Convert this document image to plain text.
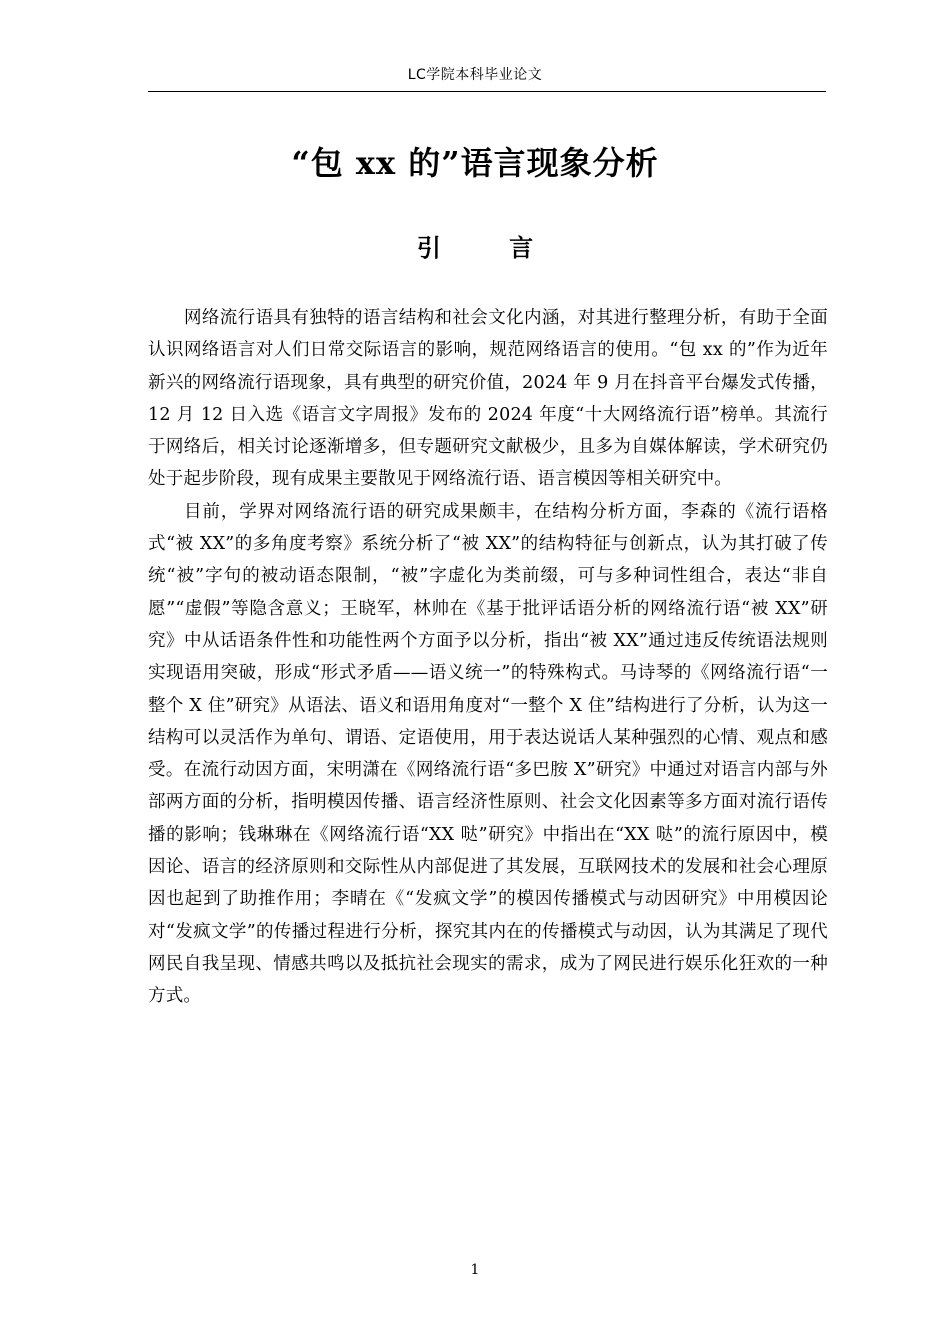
LC学院本科毕业论文
“包 xx 的”语言现象分析
引 言

网络流行语具有独特的语言结构和社会文化内涵，对其进行整理分析，有助于全面认识网络语言对人们日常交际语言的影响，规范网络语言的使用。“包 xx 的”作为近年新兴的网络流行语现象，具有典型的研究价值，2024 年 9 月在抖音平台爆发式传播，12 月 12 日入选《语言文字周报》发布的 2024 年度“十大网络流行语”榜单。其流行于网络后，相关讨论逐渐增多，但专题研究文献极少，且多为自媒体解读，学术研究仍处于起步阶段，现有成果主要散见于网络流行语、语言模因等相关研究中。

目前，学界对网络流行语的研究成果颇丰，在结构分析方面，李森的《流行语格式“被 XX”的多角度考察》系统分析了“被 XX”的结构特征与创新点，认为其打破了传统“被”字句的被动语态限制，“被”字虚化为类前缀，可与多种词性组合，表达“非自愿”“虚假”等隐含意义；王晓军，林帅在《基于批评话语分析的网络流行语“被 XX”研究》中从话语条件性和功能性两个方面予以分析，指出“被 XX”通过违反传统语法规则实现语用突破，形成“形式矛盾——语义统一”的特殊构式。马诗琴的《网络流行语“一整个 X 住”研究》从语法、语义和语用角度对“一整个 X 住”结构进行了分析，认为这一结构可以灵活作为单句、谓语、定语使用，用于表达说话人某种强烈的心情、观点和感受。在流行动因方面，宋明潇在《网络流行语“多巴胺 X”研究》中通过对语言内部与外部两方面的分析，指明模因传播、语言经济性原则、社会文化因素等多方面对流行语传播的影响；钱琳琳在《网络流行语“XX 哒”研究》中指出在“XX 哒”的流行原因中，模因论、语言的经济原则和交际性从内部促进了其发展，互联网技术的发展和社会心理原因也起到了助推作用；李晴在《“发疯文学”的模因传播模式与动因研究》中用模因论对“发疯文学”的传播过程进行分析，探究其内在的传播模式与动因，认为其满足了现代网民自我呈现、情感共鸣以及抵抗社会现实的需求，成为了网民进行娱乐化狂欢的一种方式。

1
